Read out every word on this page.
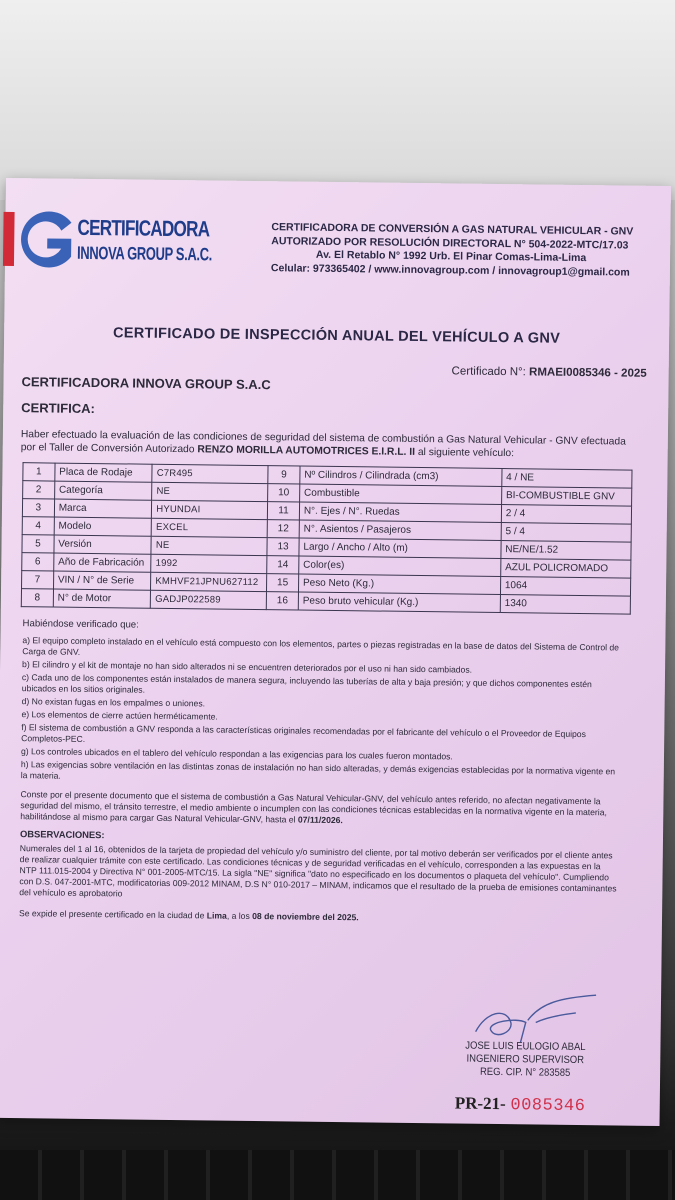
CERTIFICADORA
INNOVA GROUP S.A.C.
CERTIFICADORA DE CONVERSIÓN A GAS NATURAL VEHICULAR - GNV
AUTORIZADO POR RESOLUCIÓN DIRECTORAL N° 504-2022-MTC/17.03
Av. El Retablo N° 1992 Urb. El Pinar Comas-Lima-Lima
Celular: 973365402 / www.innovagroup.com / innovagroup1@gmail.com
CERTIFICADO DE INSPECCIÓN ANUAL DEL VEHÍCULO A GNV
Certificado N°: RMAEI0085346 - 2025
CERTIFICADORA INNOVA GROUP S.A.C
CERTIFICA:
Haber efectuado la evaluación de las condiciones de seguridad del sistema de combustión a Gas Natural Vehicular - GNV efectuada por el Taller de Conversión Autorizado RENZO MORILLA AUTOMOTRICES E.I.R.L. II al siguiente vehículo:
1	Placa de Rodaje	C7R495	9	Nº Cilindros / Cilindrada (cm3)	4 / NE
2	Categoría	NE	10	Combustible	BI-COMBUSTIBLE GNV
3	Marca	HYUNDAI	11	N°. Ejes / N°. Ruedas	2 / 4
4	Modelo	EXCEL	12	N°. Asientos / Pasajeros	5 / 4
5	Versión	NE	13	Largo / Ancho / Alto (m)	NE/NE/1.52
6	Año de Fabricación	1992	14	Color(es)	AZUL POLICROMADO
7	VIN / N° de Serie	KMHVF21JPNU627112	15	Peso Neto (Kg.)	1064
8	N° de Motor	GADJP022589	16	Peso bruto vehicular (Kg.)	1340
Habiéndose verificado que:

a) El equipo completo instalado en el vehículo está compuesto con los elementos, partes o piezas registradas en la base de datos del Sistema de Control de Carga de GNV.

b) El cilindro y el kit de montaje no han sido alterados ni se encuentren deteriorados por el uso ni han sido cambiados.

c) Cada uno de los componentes están instalados de manera segura, incluyendo las tuberías de alta y baja presión; y que dichos componentes estén ubicados en los sitios originales.

d) No existan fugas en los empalmes o uniones.

e) Los elementos de cierre actúen herméticamente.

f) El sistema de combustión a GNV responda a las características originales recomendadas por el fabricante del vehículo o el Proveedor de Equipos Completos-PEC.

g) Los controles ubicados en el tablero del vehículo respondan a las exigencias para los cuales fueron montados.

h) Las exigencias sobre ventilación en las distintas zonas de instalación no han sido alteradas, y demás exigencias establecidas por la normativa vigente en la materia.

Conste por el presente documento que el sistema de combustión a Gas Natural Vehicular-GNV, del vehículo antes referido, no afectan negativamente la seguridad del mismo, el tránsito terrestre, el medio ambiente o incumplen con las condiciones técnicas establecidas en la normativa vigente en la materia, habilitándose al mismo para cargar Gas Natural Vehicular-GNV, hasta el 07/11/2026.

OBSERVACIONES:

Numerales del 1 al 16, obtenidos de la tarjeta de propiedad del vehículo y/o suministro del cliente, por tal motivo deberán ser verificados por el cliente antes de realizar cualquier trámite con este certificado. Las condiciones técnicas y de seguridad verificadas en el vehículo, corresponden a las expuestas en la NTP 111.015-2004 y Directiva N° 001-2005-MTC/15. La sigla "NE" significa "dato no especificado en los documentos o plaqueta del vehículo". Cumpliendo con D.S. 047-2001-MTC, modificatorias 009-2012 MINAM, D.S N° 010-2017 – MINAM, indicamos que el resultado de la prueba de emisiones contaminantes del vehículo es aprobatorio

Se expide el presente certificado en la ciudad de Lima, a los 08 de noviembre del 2025.

JOSE LUIS EULOGIO ABAL
INGENIERO SUPERVISOR
REG. CIP. N° 283585
PR-21- 0085346
